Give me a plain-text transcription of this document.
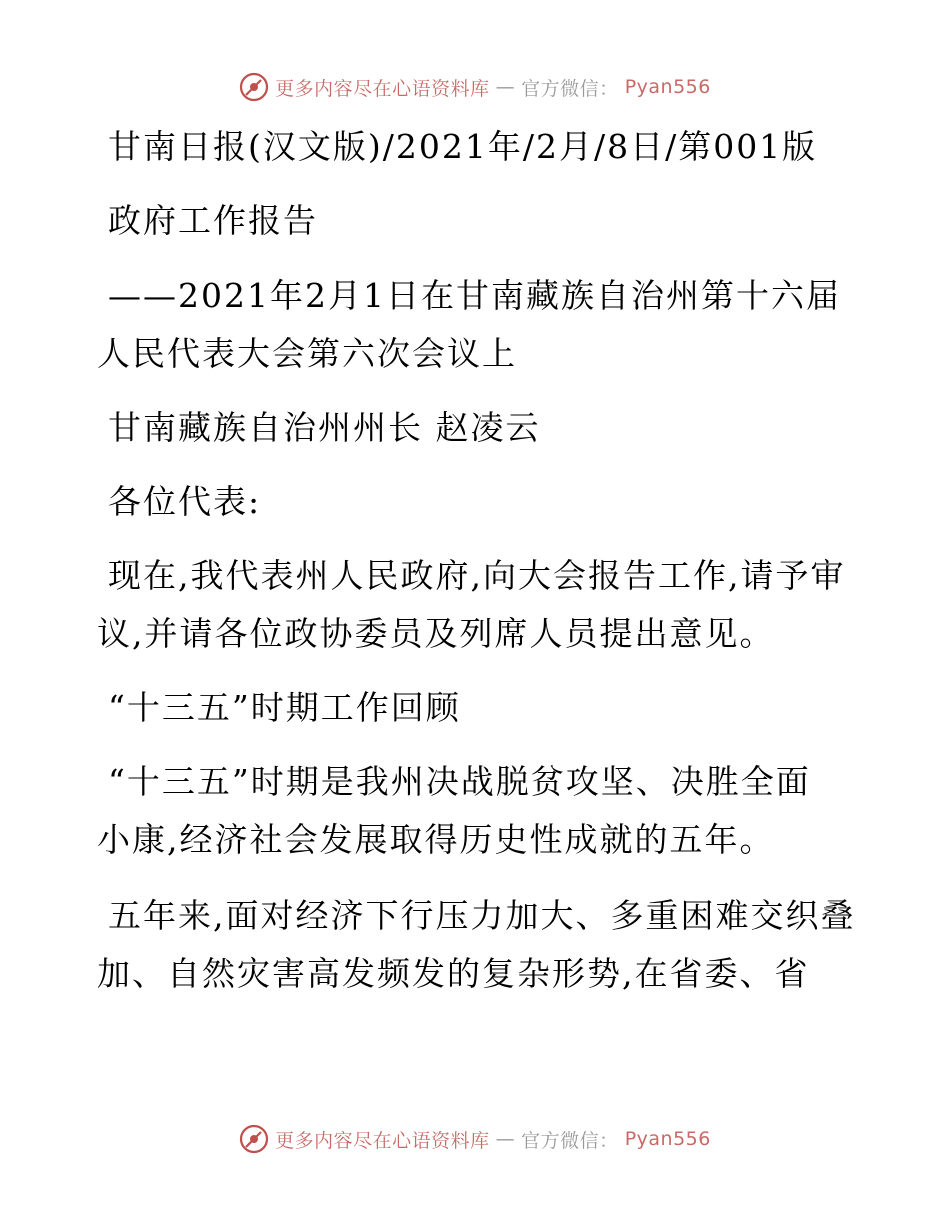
更多内容尽在心语资料库 — 官方微信： Pyan556
甘南日报(汉文版)/2021年/2月/8日/第001版
政府工作报告
——2021年2月1日在甘南藏族自治州第十六届
人民代表大会第六次会议上
甘南藏族自治州州长 赵凌云
各位代表:
现在,我代表州人民政府,向大会报告工作,请予审
议,并请各位政协委员及列席人员提出意见。
“十三五”时期工作回顾
“十三五”时期是我州决战脱贫攻坚、决胜全面
小康,经济社会发展取得历史性成就的五年。
五年来,面对经济下行压力加大、多重困难交织叠
加、自然灾害高发频发的复杂形势,在省委、省
更多内容尽在心语资料库 — 官方微信： Pyan556
